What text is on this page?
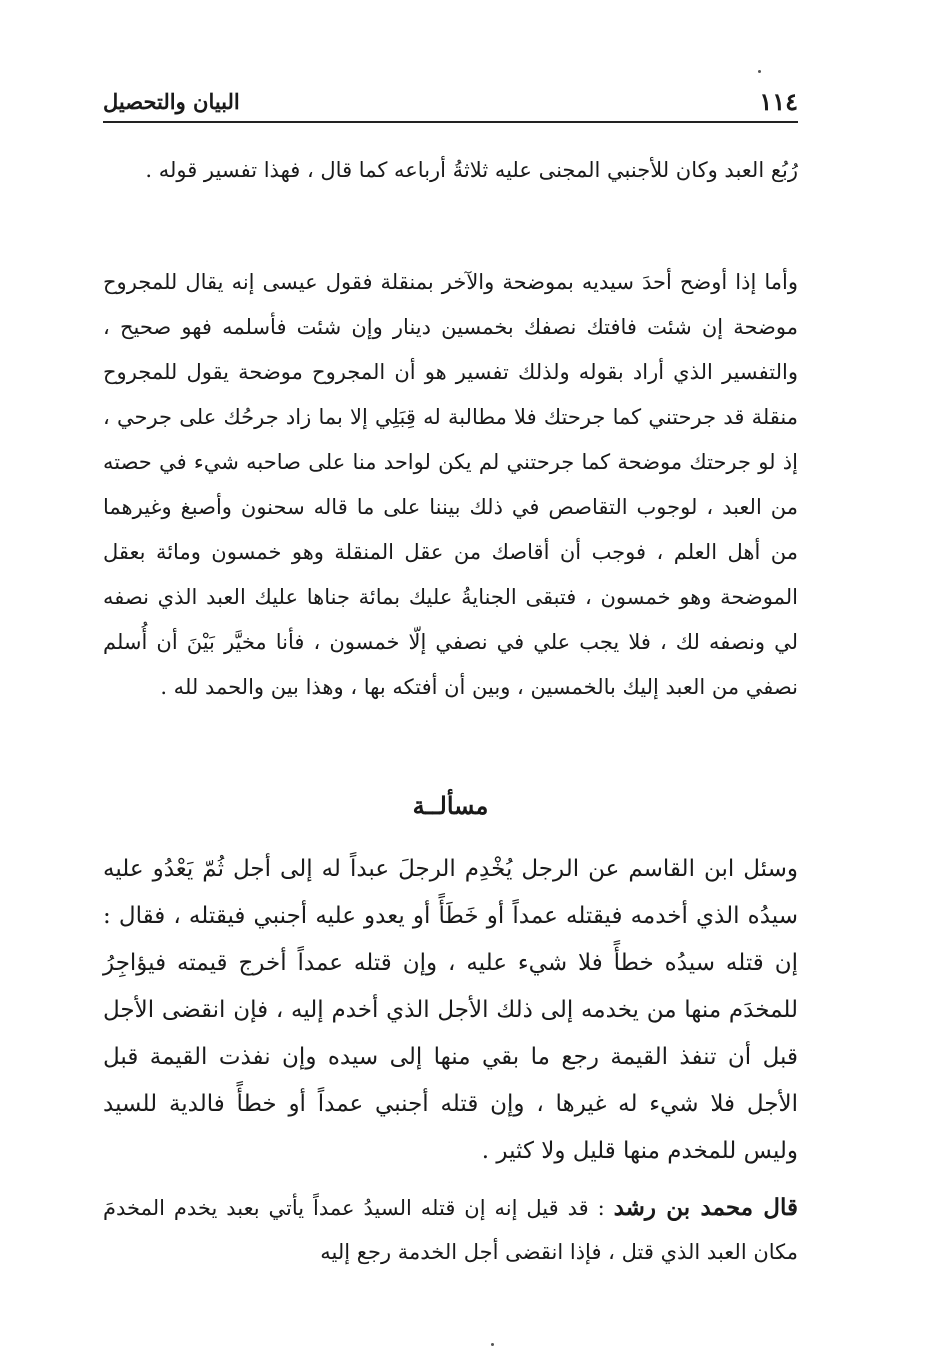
١١٤
البيان والتحصيل

رُبُع العبد وكان للأجنبي المجنى عليه ثلاثةُ أرباعه كما قال ، فهذا تفسير قوله .

وأما إذا أوضح أحدَ سيديه بموضحة والآخر بمنقلة فقول عيسى إنه يقال للمجروح موضحة إن شئت فافتك نصفك بخمسين دينار وإن شئت فأسلمه فهو صحيح ، والتفسير الذي أراد بقوله ولذلك تفسير هو أن المجروح موضحة يقول للمجروح منقلة قد جرحتني كما جرحتك فلا مطالبة له قِبَلِي إلا بما زاد جرحُك على جرحي ، إذ لو جرحتك موضحة كما جرحتني لم يكن لواحد منا على صاحبه شيء في حصته من العبد ، لوجوب التقاصص في ذلك بيننا على ما قاله سحنون وأصبغ وغيرهما من أهل العلم ، فوجب أن أقاصك من عقل المنقلة وهو خمسون ومائة بعقل الموضحة وهو خمسون ، فتبقى الجنايةُ عليك بمائة جناها عليك العبد الذي نصفه لي ونصفه لك ، فلا يجب علي في نصفي إلّا خمسون ، فأنا مخيَّر بَيْنَ أن أُسلم نصفي من العبد إليك بالخمسين ، وبين أن أفتكه بها ، وهذا بين والحمد لله .

مسألــة

وسئل ابن القاسم عن الرجل يُخْدِم الرجلَ عبداً له إلى أجل ثُمّ يَعْدُو عليه سيدُه الذي أخدمه فيقتله عمداً أو خَطَأً أو يعدو عليه أجنبي فيقتله ، فقال : إن قتله سيدُه خطأً فلا شيء عليه ، وإن قتله عمداً أخرج قيمته فيؤاجِرُ للمخدَم منها من يخدمه إلى ذلك الأجل الذي أخدم إليه ، فإن انقضى الأجل قبل أن تنفذ القيمة رجع ما بقي منها إلى سيده وإن نفذت القيمة قبل الأجل فلا شيء له غيرها ، وإن قتله أجنبي عمداً أو خطأً فالدية للسيد وليس للمخدم منها قليل ولا كثير .

قال محمد بن رشد : قد قيل إنه إن قتله السيدُ عمداً يأتي بعبد يخدم المخدمَ مكان العبد الذي قتل ، فإذا انقضى أجل الخدمة رجع إليه
